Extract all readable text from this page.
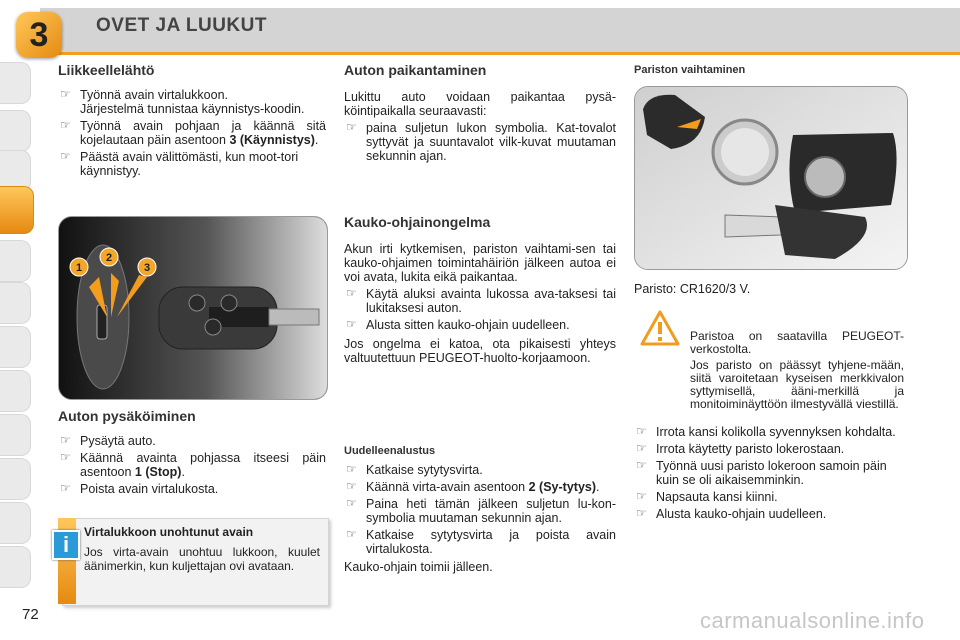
3	OVET JA LUUKUT
Liikkeellelähtö

☞ Työnnä avain virtalukkoon.

Järjestelmä tunnistaa käynnistys-koodin.

☞ Työnnä avain pohjaan ja käännä sitä kojelautaan päin asentoon 3 (Käynnistys).

☞ Päästä avain välittömästi, kun moot-tori käynnistyy.

1
2
3
Auton pysäköiminen

☞ Pysäytä auto.

☞ Käännä avainta pohjassa itseesi päin asentoon 1 (Stop).

☞ Poista avain virtalukosta.

i	Virtalukkoon unohtunut avain
Jos virta-avain unohtuu lukkoon, kuulet äänimerkin, kun kuljettajan ovi avataan.
72
Auton paikantaminen

Lukittu auto voidaan paikantaa pysä-köintipaikalla seuraavasti:

☞ paina suljetun lukon symbolia. Kat-tovalot syttyvät ja suuntavalot vilk-kuvat muutaman sekunnin ajan.

Kauko-ohjainongelma

Akun irti kytkemisen, pariston vaihtami-sen tai kauko-ohjaimen toimintahäiriön jälkeen autoa ei voi avata, lukita eikä paikantaa.

☞ Käytä aluksi avainta lukossa ava-taksesi tai lukitaksesi auton.

☞ Alusta sitten kauko-ohjain uudelleen.

Jos ongelma ei katoa, ota pikaisesti yhteys valtuutettuun PEUGEOT-huolto-korjaamoon.

Uudelleenalustus

☞ Katkaise sytytysvirta.

☞ Käännä virta-avain asentoon 2 (Sy-tytys).

☞ Paina heti tämän jälkeen suljetun lu-kon-symbolia muutaman sekunnin ajan.

☞ Katkaise sytytysvirta ja poista avain virtalukosta.

Kauko-ohjain toimii jälleen.

Pariston vaihtaminen
Paristo: CR1620/3 V.

Paristoa on saatavilla PEUGEOT-verkostolta.

Jos paristo on päässyt tyhjene-mään, siitä varoitetaan kyseisen merkkivalon syttymisellä, ääni-merkillä ja monitoiminäyttöön ilmestyvällä viestillä.

☞ Irrota kansi kolikolla syvennyksen kohdalta.

☞ Irrota käytetty paristo lokerostaan.

☞ Työnnä uusi paristo lokeroon samoin päin kuin se oli aikaisemminkin.

☞ Napsauta kansi kiinni.

☞ Alusta kauko-ohjain uudelleen.

carmanualsonline.info
